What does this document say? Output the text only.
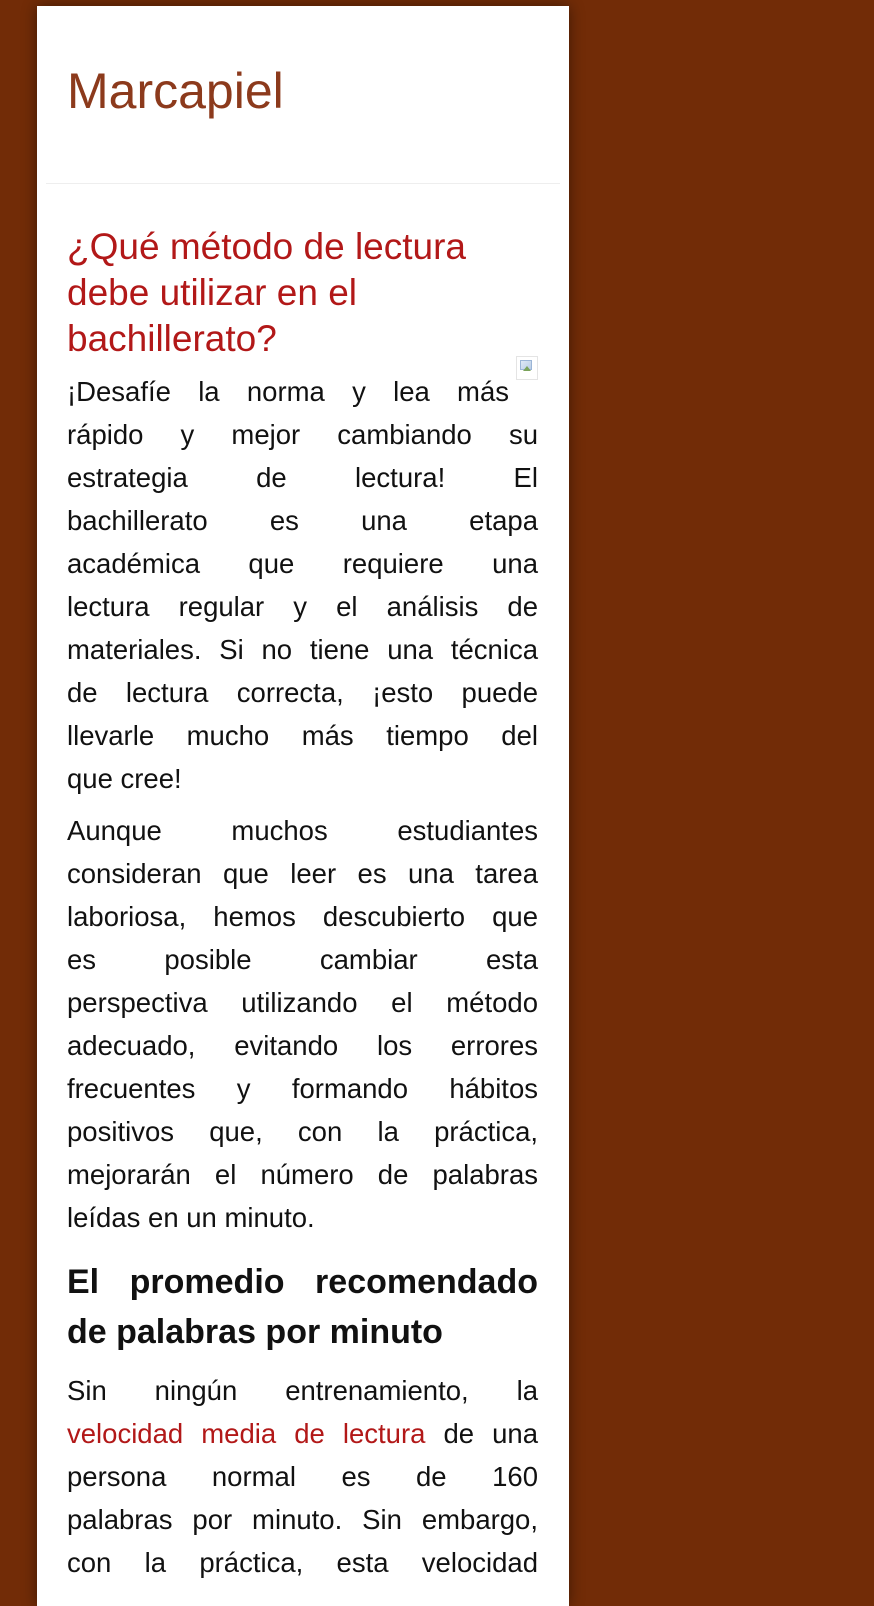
Marcapiel
¿Qué método de lectura
debe utilizar en el
bachillerato?
¡Desafíe la norma y lea más
rápido y mejor cambiando su
estrategia de lectura! El
bachillerato es una etapa
académica que requiere una
lectura regular y el análisis de
materiales. Si no tiene una técnica
de lectura correcta, ¡esto puede
llevarle mucho más tiempo del
que cree!
Aunque muchos estudiantes
consideran que leer es una tarea
laboriosa, hemos descubierto que
es posible cambiar esta
perspectiva utilizando el método
adecuado, evitando los errores
frecuentes y formando hábitos
positivos que, con la práctica,
mejorarán el número de palabras
leídas en un minuto.
El promedio recomendado
de palabras por minuto
Sin ningún entrenamiento, la
velocidad media de lectura de una
persona normal es de 160
palabras por minuto. Sin embargo,
con la práctica, esta velocidad
